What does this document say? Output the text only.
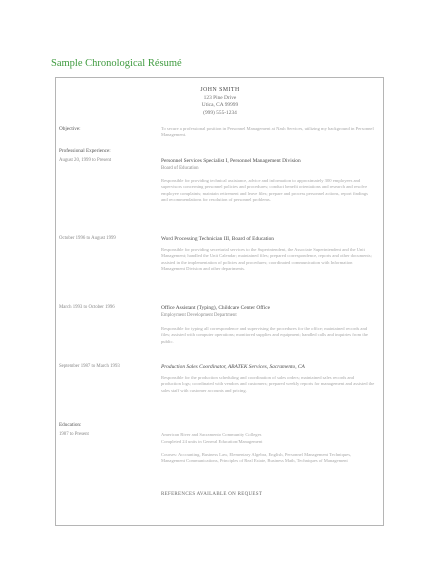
Sample Chronological Résumé
JOHN SMITH
123 Pine Drive
Utica, CA 99999
(999) 555-1234
Objective:	To secure a professional position in Personnel Management at Nash Services, utilizing my background in Personnel Management.
Professional Experience:
August 20, 1999 to Present	Personnel Services Specialist I, Personnel Management Division
Board of Education
Responsible for providing technical assistance, advice and information to approximately 300 employees and supervisors concerning personnel policies and procedures; conduct benefit orientations and research and resolve employee complaints; maintain retirement and leave files; prepare and process personnel actions, report findings and recommendations for resolution of personnel problems.
October 1996 to August 1999	Word Processing Technician III, Board of Education
Responsible for providing secretarial services to the Superintendent, the Associate Superintendent and the Unit Management; handled the Unit Calendar; maintained files; prepared correspondence, reports and other documents; assisted in the implementation of policies and procedures; coordinated communication with Information Management Division and other departments.
March 1993 to October 1996	Office Assistant (Typing), Childcare Center Office
Employment Development Department
Responsible for typing all correspondence and supervising the procedures for the office; maintained records and files; assisted with computer operations; monitored supplies and equipment; handled calls and inquiries from the public.
September 1987 to March 1993	Production Sales Coordinator, ABATEK Services, Sacramento, CA
Responsible for the production scheduling and coordination of sales orders; maintained sales records and production logs; coordinated with vendors and customers; prepared weekly reports for management and assisted the sales staff with customer accounts and pricing.
Education:
1987 to Present	American River and Sacramento Community Colleges
Completed 24 units in General Education/Management
Courses: Accounting, Business Law, Elementary Algebra, English, Personnel Management Techniques, Management Communications, Principles of Real Estate, Business Math, Techniques of Management
REFERENCES AVAILABLE ON REQUEST
